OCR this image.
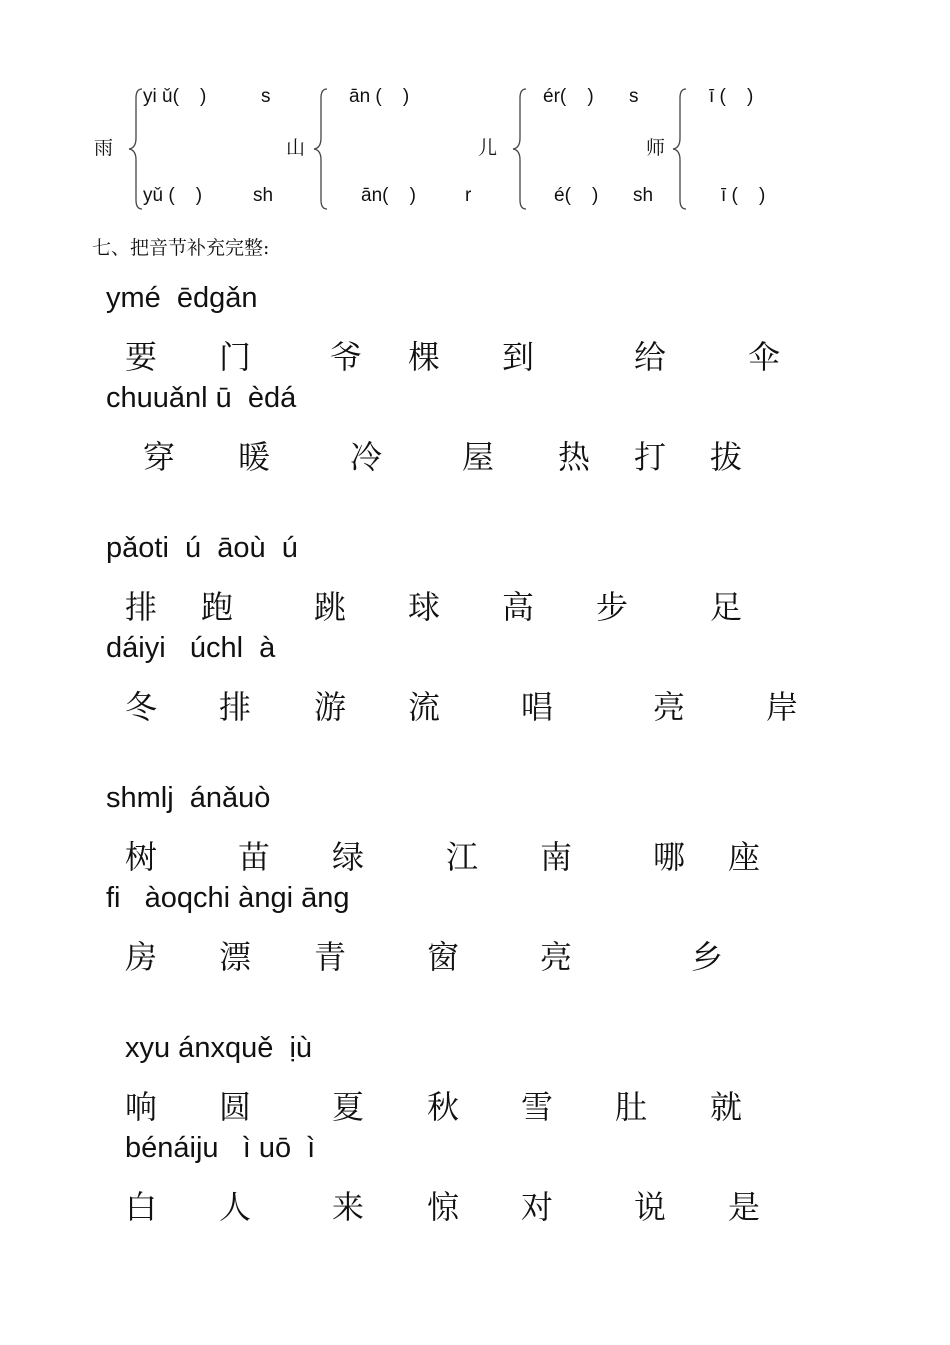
雨
yi ǔ(    )
yǔ (    )
s
sh
山
ān (    )
ān(    )	r
儿
ér(    )
é(    )
s
sh
师
ī (    )
ī (    )
七、把音节补充完整:
ymé  ēdgǎn
要 门 爷 棵 到	给	伞
chuuǎnl ū  èdá
穿 暖 冷 屋 热 打 拔
pǎoti  ú  āoù  ú
排 跑	跳 球 高 步	足
dáiyi   úchl  à
冬 排 游 流	唱	亮	岸
shmlj  ánǎuò
树	苗 绿	江 南	哪 座
fi   àoqchi àngi āng
房 漂 青	窗	亮	乡
xyu ánxquě  ịù
响 圆	夏 秋 雪 肚 就
bénáiju   ì uō  ì
白 人	来 惊 对	说 是
